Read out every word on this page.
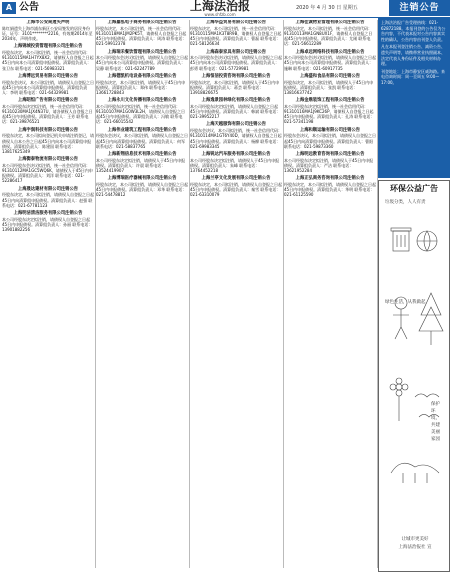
A 公告	上海法治报
www.shfzb.com
2020 年 4 月 30 日 星期五	注销公告
上海市公安局遗失声明

陈红娟遗失上海市浦东新区公安局签发的居民身份证，证号：3101********2216，有效期2014年至2034年，声明作废。

上海锦城投资管理有限公司注销公告

经股东决定，本公司拟注销，统一社会信用代码：91310115MA1H7YX8X2，请债权人自登报之日起45日内向本公司清算组申报债权。清算组负责人：张卫东 联系电话：021-56983321

上海博远贸易有限公司注销公告

经股东会决议，本公司拟注销，请债权人自登报之日起45日内向本公司清算组申报债权。清算组负责人：李明 联系电话：021-64329981

上海昭恒广告有限公司注销公告

本公司经股东决定拟注销，统一社会信用代码：91310230MA1JX4N37U，请各债权人自登报之日起45日内申报债权。清算组负责人：王芳 联系电话：021-39876521

上海宇润科技有限公司注销公告

经股东决定，本公司拟向登记机关申请注销登记，请债权人自本公告之日起45日内向本公司清算组申报债权。清算组负责人：陈建国 联系电话：13817625349

上海衡泰物流有限公司注销公告

本公司经股东会决议拟注销，统一社会信用代码：91310112MA1GC5WQ6K，请债权人于45日内申报债权。清算组负责人：刘洋 联系电话：021-52286417

上海晟达建材有限公司注销公告

经股东决定，本公司拟注销，请债权人自登报之日起45日内向清算组申报债权。清算组负责人：赵强 联系电话：021-67781123

上海明洁清洁服务有限公司注销公告

本公司经股东决定拟注销，请债权人自登报之日起45日内申报债权。清算组负责人：孙丽 联系电话：13901882256

上海嘉泓电子商务有限公司注销公告

经股东决定，本公司拟注销，统一社会信用代码：91310118MA1JM2PK5T，请债权人自登报之日起45日内申报债权。清算组负责人：周涛 联系电话：021-59912378

上海瑞禾餐饮管理有限公司注销公告

本公司经股东会决议拟注销，请债权人自登报之日起45日内向本公司清算组申报债权。清算组负责人：吴静 联系电话：021-62247789

上海德凯机电设备有限公司注销公告

经股东决定，本公司拟注销，请债权人于45日内申报债权。清算组负责人：郑伟 联系电话：13661728843

上海永川文化传播有限公司注销公告

本公司经股东决定拟注销，统一社会信用代码：91310107MA1G0W3L2H，请债权人自登报之日起45日内申报债权。清算组负责人：冯敏 联系电话：021-66015542

上海伟业建筑工程有限公司注销公告

经股东会决议，本公司拟注销，请债权人自登报之日起45日内向清算组申报债权。清算组负责人：何军 联系电话：021-58837765

上海新翔信息技术有限公司注销公告

本公司经股东决定拟注销，请债权人于45日内申报债权。清算组负责人：许晨 联系电话：13524419907

上海博瑞医疗器械有限公司注销公告

经股东决定，本公司拟注销，请债权人自登报之日起45日内申报债权。清算组负责人：邓华 联系电话：021-54478812

上海华益贸易有限公司注销公告

经股东决定，本公司拟注销，统一社会信用代码：91310115MA1K3T8R9B，请债权人自登报之日起45日内申报债权。清算组负责人：曹磊 联系电话：021-58126634

上海森泰家具有限公司注销公告

本公司经股东会决议拟注销，请债权人自登报之日起45日内向本公司清算组申报债权。清算组负责人：彭勇 联系电话：021-57729981

上海恒信投资咨询有限公司注销公告

经股东决定，本公司拟注销，请债权人于45日内申报债权。清算组负责人：蒋芸 联系电话：13918826675

上海逸景园林绿化有限公司注销公告

本公司经股东决定拟注销，请债权人自登报之日起45日内申报债权。清算组负责人：韩斌 联系电话：021-39952217

上海天越服饰有限公司注销公告

经股东会决议，本公司拟注销，统一社会信用代码：91310114MA1GT6Y40D，请债权人自登报之日起45日内申报债权。清算组负责人：杨柳 联系电话：021-69983345

上海锐达汽车服务有限公司注销公告

本公司经股东决定拟注销，请债权人于45日内申报债权。清算组负责人：朱峰 联系电话：13764452218

上海兰亭文化发展有限公司注销公告

经股东决定，本公司拟注销，请债权人自登报之日起45日内申报债权。清算组负责人：秦雪 联系电话：021-63310079

上海佳诚物业管理有限公司注销公告

经股东决定，本公司拟注销，统一社会信用代码：91310113MA1GN8UX1F，请债权人自登报之日起45日内申报债权。清算组负责人：尤刚 联系电话：021-56612289

上海卓远网络科技有限公司注销公告

本公司经股东会决议拟注销，请债权人自登报之日起45日内向本公司清算组申报债权。清算组负责人：施琳 联系电话：021-60917735

上海盛和食品有限公司注销公告

经股东决定，本公司拟注销，请债权人于45日内申报债权。清算组负责人：张凯 联系电话：13816637742

上海金鼎装饰工程有限公司注销公告

本公司经股东决定拟注销，统一社会信用代码：91310116MA1J9KC26P，请债权人自登报之日起45日内申报债权。清算组负责人：孔涛 联系电话：021-57341198

上海和顺运输有限公司注销公告

经股东会决议，本公司拟注销，请债权人自登报之日起45日内向清算组申报债权。清算组负责人：曹阳 联系电话：021-59873360

上海明远教育咨询有限公司注销公告

本公司经股东决定拟注销，请债权人于45日内申报债权。清算组负责人：严洁 联系电话：13621952284

上海正弘商务咨询有限公司注销公告

经股东决定，本公司拟注销，请债权人自登报之日起45日内申报债权。清算组负责人：华明 联系电话：021-61125590

上海法治报广告受理热线：021-62872188。本报刊登的公告仅为公告内容，不代表本报对公告内容真实性的确认，公告内容由刊登人负责。

凡在本报刊登注销公告、减资公告、遗失声明等，请携带营业执照副本、法定代表人身份证件及相关材料办理。

刊登地址：上海市静安区威海路。来电咨询时间：周一至周五 9:00—17:00。

环保公益广告
垃圾分类，人人有责
绿色生活，从我做起
保护环境，共建美丽家园
让城市更美好
上海法治报社 宣
